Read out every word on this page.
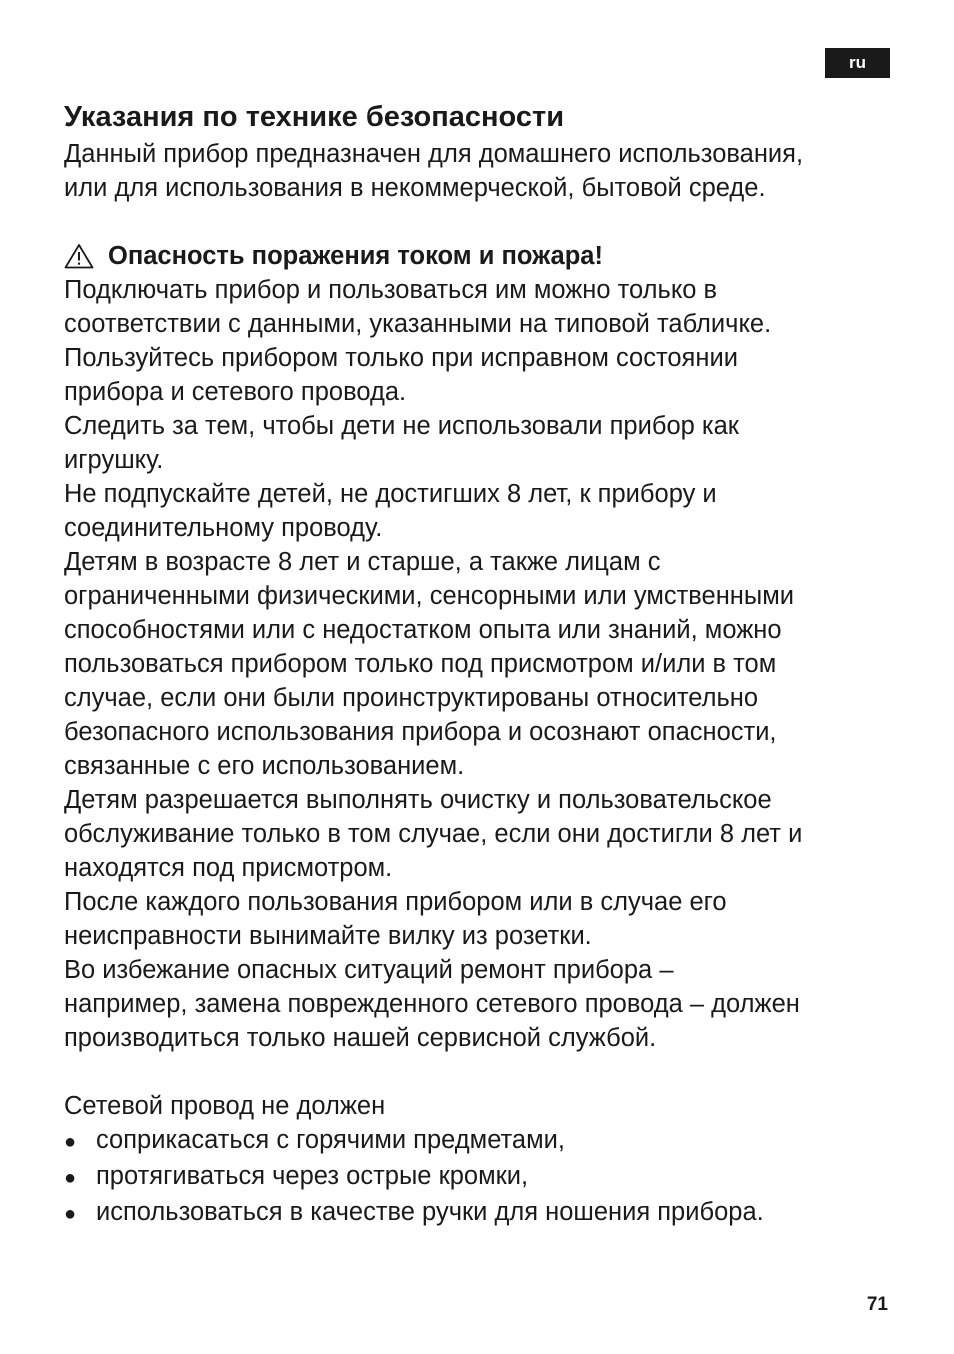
ru
Указания по технике безопасности

Данный прибор предназначен для домашнего использования,

или для использования в некоммерческой, бытовой среде.

Опасность поражения током и пожара!

Подключать прибор и пользоваться им можно только в

соответствии с данными, указанными на типовой табличке.

Пользуйтесь прибором только при исправном состоянии

прибора и сетевого провода.

Следить за тем, чтобы дети не использовали прибор как

игрушку.

Не подпускайте детей, не достигших 8 лет, к прибору и

соединительному проводу.

Детям в возрасте 8 лет и старше, а также лицам с

ограниченными физическими, сенсорными или умственными

способностями или с недостатком опыта или знаний, можно

пользоваться прибором только под присмотром и/или в том

случае, если они были проинструктированы относительно

безопасного использования прибора и осознают опасности,

связанные с его использованием.

Детям разрешается выполнять очистку и пользовательское

обслуживание только в том случае, если они достигли 8 лет и

находятся под присмотром.

После каждого пользования прибором или в случае его

неисправности вынимайте вилку из розетки.

Во избежание опасных ситуаций ремонт прибора –

например, замена поврежденного сетевого провода – должен

производиться только нашей сервисной службой.

Сетевой провод не должен

● соприкасаться с горячими предметами,
● протягиваться через острые кромки,
● использоваться в качестве ручки для ношения прибора.
71
